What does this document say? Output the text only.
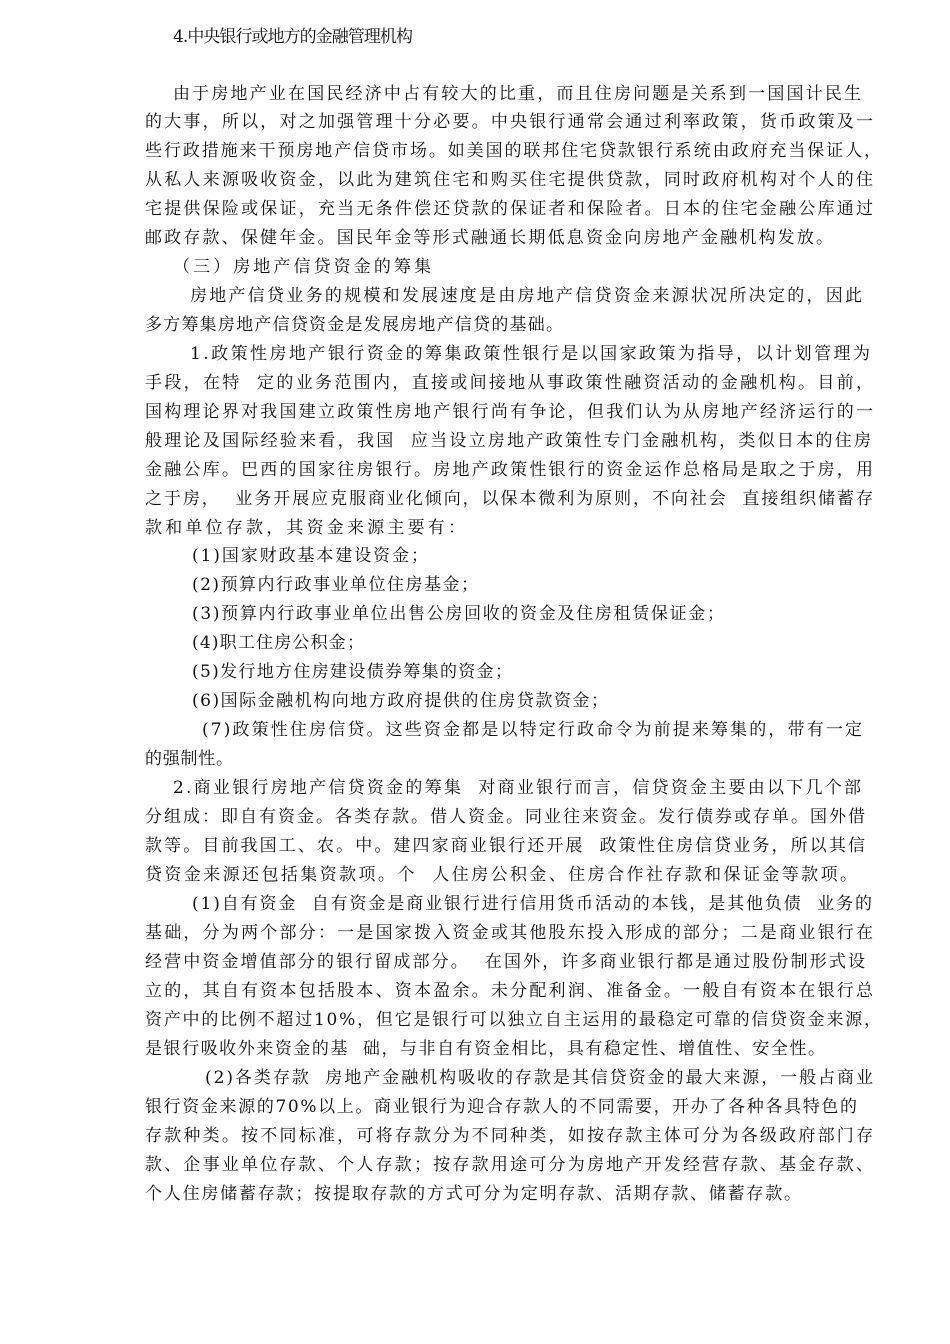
4.中央银行或地方的金融管理机构
由于房地产业在国民经济中占有较大的比重，而且住房问题是关系到一国国计民生
的大事，所以，对之加强管理十分必要。中央银行通常会通过利率政策，货币政策及一
些行政措施来干预房地产信贷市场。如美国的联邦住宅贷款银行系统由政府充当保证人，
从私人来源吸收资金，以此为建筑住宅和购买住宅提供贷款，同时政府机构对个人的住
宅提供保险或保证，充当无条件偿还贷款的保证者和保险者。日本的住宅金融公库通过
邮政存款、保健年金。国民年金等形式融通长期低息资金向房地产金融机构发放。
（三）房地产信贷资金的筹集
房地产信贷业务的规模和发展速度是由房地产信贷资金来源状况所决定的，因此
多方筹集房地产信贷资金是发展房地产信贷的基础。
1.政策性房地产银行资金的筹集政策性银行是以国家政策为指导，以计划管理为
手段，在特  定的业务范围内，直接或间接地从事政策性融资活动的金融机构。目前，
国构理论界对我国建立政策性房地产银行尚有争论，但我们认为从房地产经济运行的一
般理论及国际经验来看，我国  应当设立房地产政策性专门金融机构，类似日本的住房
金融公库。巴西的国家往房银行。房地产政策性银行的资金运作总格局是取之于房，用
之于房，  业务开展应克服商业化倾向，以保本微利为原则，不向社会  直接组织储蓄存
款和单位存款，其资金来源主要有：
(1)国家财政基本建设资金；
(2)预算内行政事业单位住房基金；
(3)预算内行政事业单位出售公房回收的资金及住房租赁保证金；
(4)职工住房公积金；
(5)发行地方住房建设债券筹集的资金；
(6)国际金融机构向地方政府提供的住房贷款资金；
(7)政策性住房信贷。这些资金都是以特定行政命令为前提来筹集的，带有一定
的强制性。
2.商业银行房地产信贷资金的筹集  对商业银行而言，信贷资金主要由以下几个部
分组成：即自有资金。各类存款。借人资金。同业往来资金。发行债券或存单。国外借
款等。目前我国工、农。中。建四家商业银行还开展  政策性住房信贷业务，所以其信
贷资金来源还包括集资款项。个  人住房公积金、住房合作社存款和保证金等款项。
(1)自有资金  自有资金是商业银行进行信用货币活动的本钱，是其他负债  业务的
基础，分为两个部分：一是国家拨入资金或其他股东投入形成的部分；二是商业银行在
经营中资金增值部分的银行留成部分。  在国外，许多商业银行都是通过股份制形式设
立的，其自有资本包括股本、资本盈余。未分配利润、准备金。一般自有资本在银行总
资产中的比例不超过10%，但它是银行可以独立自主运用的最稳定可靠的信贷资金来源，
是银行吸收外来资金的基  础，与非自有资金相比，具有稳定性、增值性、安全性。
(2)各类存款  房地产金融机构吸收的存款是其信贷资金的最大来源，一般占商业
银行资金来源的70%以上。商业银行为迎合存款人的不同需要，开办了各种各具特色的
存款种类。按不同标准，可将存款分为不同种类，如按存款主体可分为各级政府部门存
款、企事业单位存款、个人存款；按存款用途可分为房地产开发经营存款、基金存款、
个人住房储蓄存款；按提取存款的方式可分为定明存款、活期存款、储蓄存款。
